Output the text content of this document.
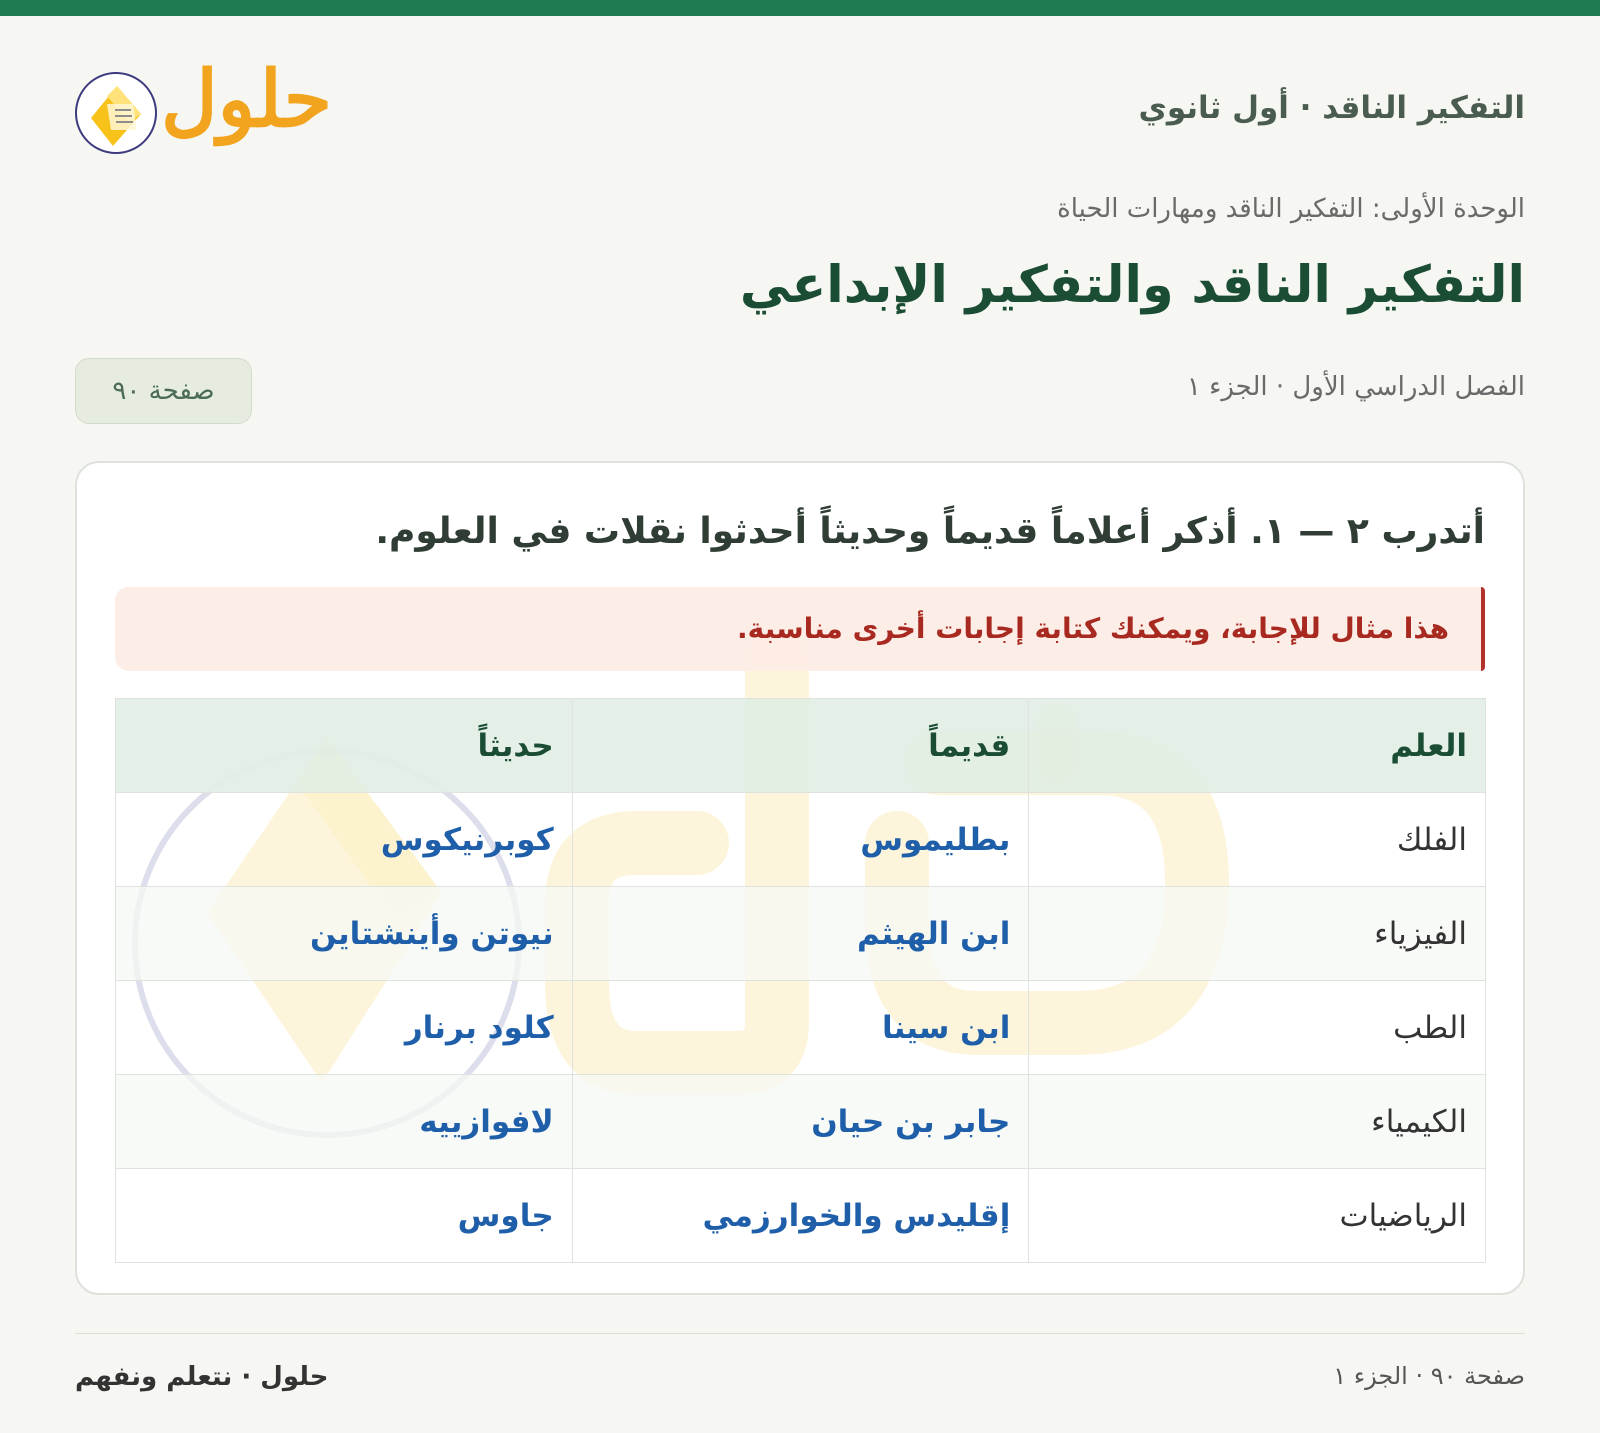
التفكير الناقد · أول ثانوي
حلول
الوحدة الأولى: التفكير الناقد ومهارات الحياة
التفكير الناقد والتفكير الإبداعي
الفصل الدراسي الأول · الجزء ١
صفحة ٩٠
أتدرب ٢ — ١. أذكر أعلاماً قديماً وحديثاً أحدثوا نقلات في العلوم.
هذا مثال للإجابة، ويمكنك كتابة إجابات أخرى مناسبة.
العلم	قديماً	حديثاً
الفلك	بطليموس	كوبرنيكوس
الفيزياء	ابن الهيثم	نيوتن وأينشتاين
الطب	ابن سينا	كلود برنار
الكيمياء	جابر بن حيان	لافوازييه
الرياضيات	إقليدس والخوارزمي	جاوس
صفحة ٩٠ · الجزء ١
حلول · نتعلم ونفهم
